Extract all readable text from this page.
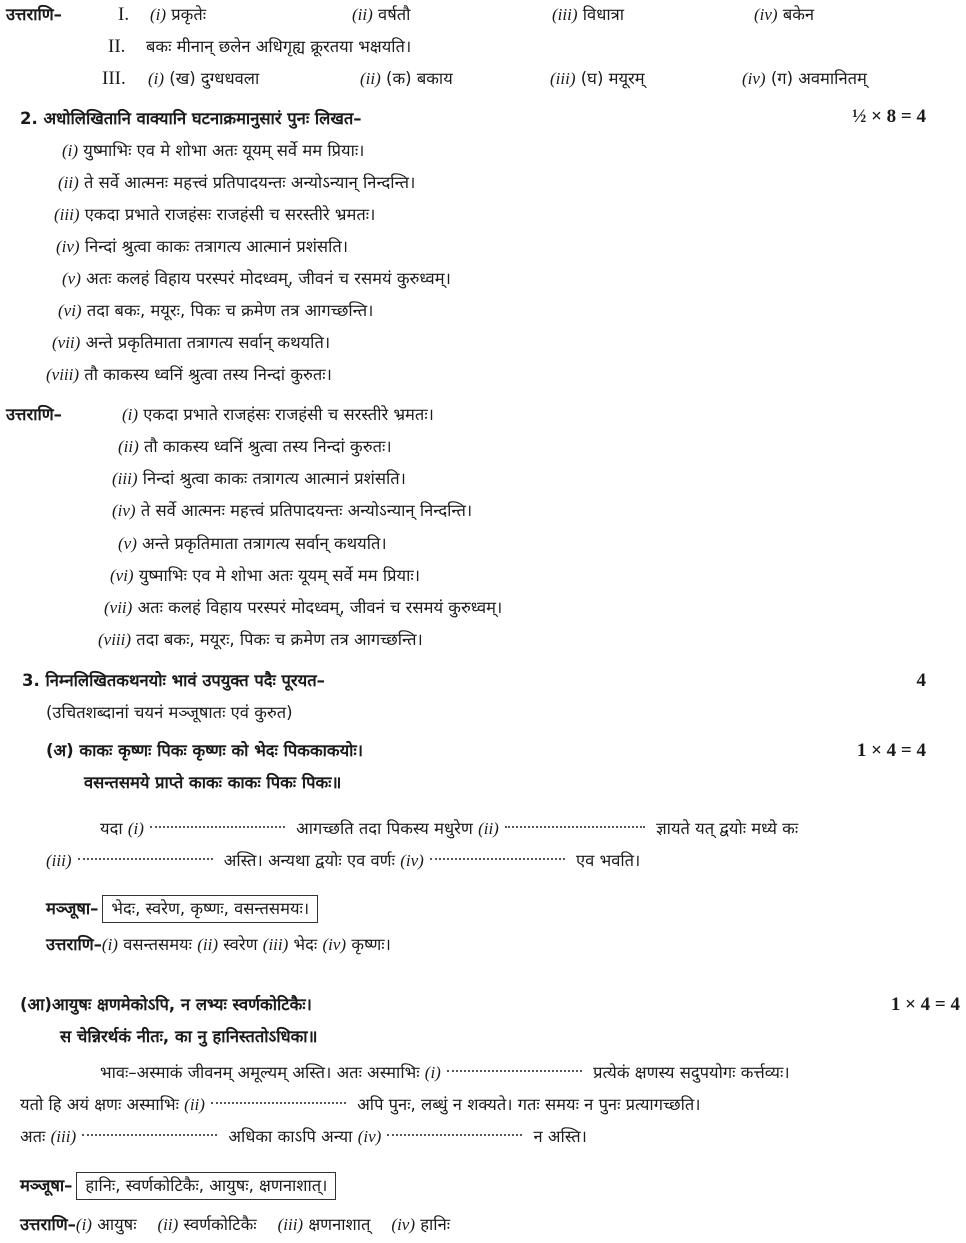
उत्तराणि–	I. (i) प्रकृतेः	(ii) वर्षतौ	(iii) विधात्रा	(iv) बकेन
II. बकः मीनान् छलेन अधिगृह्य क्रूरतया भक्षयति।
III. (i) (ख) दुग्धधवला	(ii) (क) बकाय	(iii) (घ) मयूरम्	(iv) (ग) अवमानितम्
2. अधोलिखितानि वाक्यानि घटनाक्रमानुसारं पुनः लिखत–	½ × 8 = 4
(i) युष्माभिः एव मे शोभा अतः यूयम् सर्वे मम प्रियाः।
(ii) ते सर्वे आत्मनः महत्त्वं प्रतिपादयन्तः अन्योऽन्यान् निन्दन्ति।
(iii) एकदा प्रभाते राजहंसः राजहंसी च सरस्तीरे भ्रमतः।
(iv) निन्दां श्रुत्वा काकः तत्रागत्य आत्मानं प्रशंसति।
(v) अतः कलहं विहाय परस्परं मोदध्वम्, जीवनं च रसमयं कुरुध्वम्।
(vi) तदा बकः, मयूरः, पिकः च क्रमेण तत्र आगच्छन्ति।
(vii) अन्ते प्रकृतिमाता तत्रागत्य सर्वान् कथयति।
(viii) तौ काकस्य ध्वनिं श्रुत्वा तस्य निन्दां कुरुतः।
उत्तराणि–	(i) एकदा प्रभाते राजहंसः राजहंसी च सरस्तीरे भ्रमतः।
(ii) तौ काकस्य ध्वनिं श्रुत्वा तस्य निन्दां कुरुतः।
(iii) निन्दां श्रुत्वा काकः तत्रागत्य आत्मानं प्रशंसति।
(iv) ते सर्वे आत्मनः महत्त्वं प्रतिपादयन्तः अन्योऽन्यान् निन्दन्ति।
(v) अन्ते प्रकृतिमाता तत्रागत्य सर्वान् कथयति।
(vi) युष्माभिः एव मे शोभा अतः यूयम् सर्वे मम प्रियाः।
(vii) अतः कलहं विहाय परस्परं मोदध्वम्, जीवनं च रसमयं कुरुध्वम्।
(viii) तदा बकः, मयूरः, पिकः च क्रमेण तत्र आगच्छन्ति।
3. निम्नलिखितकथनयोः भावं उपयुक्त पदैः पूरयत–	4
(उचितशब्दानां चयनं मञ्जूषातः एवं कुरुत)
(अ) काकः कृष्णः पिकः कृष्णः को भेदः पिककाकयोः।	1 × 4 = 4
वसन्तसमये प्राप्ते काकः काकः पिकः पिकः॥
यदा (i)	आगच्छति तदा पिकस्य मधुरेण (ii)	ज्ञायते यत् द्वयोः मध्ये कः
(iii)	अस्ति। अन्यथा द्वयोः एव वर्णः (iv)	एव भवति।
मञ्जूषा– भेदः, स्वरेण, कृष्णः, वसन्तसमयः।
उत्तराणि–(i) वसन्तसमयः (ii) स्वरेण (iii) भेदः (iv) कृष्णः।
(आ)आयुषः क्षणमेकोऽपि, न लभ्यः स्वर्णकोटिकैः।	1 × 4 = 4
स चेन्निरर्थकं नीतः, का नु हानिस्ततोऽधिका॥
भावः–अस्माकं जीवनम् अमूल्यम् अस्ति। अतः अस्माभिः (i)	प्रत्येकं क्षणस्य सदुपयोगः कर्त्तव्यः।
यतो हि अयं क्षणः अस्माभिः (ii)	अपि पुनः, लब्धुं न शक्यते। गतः समयः न पुनः प्रत्यागच्छति।
अतः (iii)	अधिका काऽपि अन्या (iv)	न अस्ति।
मञ्जूषा– हानिः, स्वर्णकोटिकैः, आयुषः, क्षणनाशात्।
उत्तराणि–(i) आयुषः (ii) स्वर्णकोटिकैः (iii) क्षणनाशात् (iv) हानिः
